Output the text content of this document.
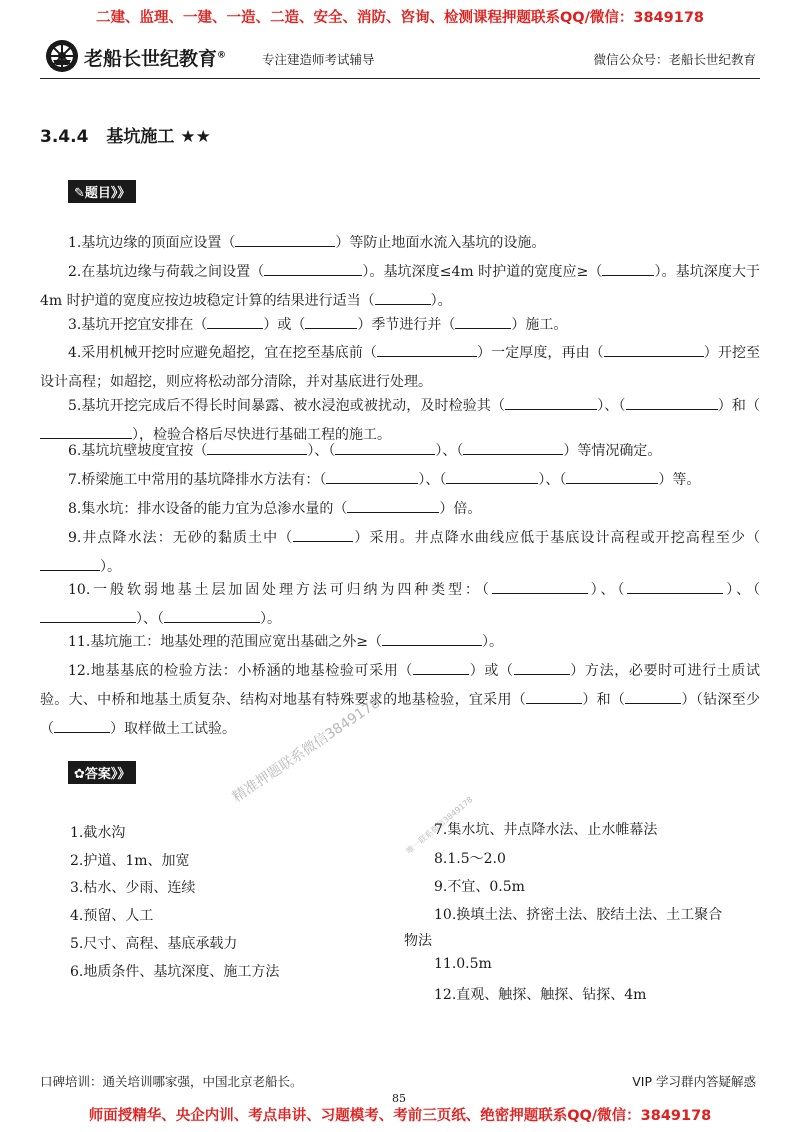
二建、监理、一建、一造、二造、安全、消防、咨询、检测课程押题联系QQ/微信：3849178
老船长世纪教育®	专注建造师考试辅导	微信公众号：老船长世纪教育
3.4.4 基坑施工 ★★
✎题目》》
1.基坑边缘的顶面应设置（	）等防止地面水流入基坑的设施。
2.在基坑边缘与荷载之间设置（	）。基坑深度≤4m 时护道的宽度应≥（	）。基坑深度大于 4m 时护道的宽度应按边坡稳定计算的结果进行适当（	）。
3.基坑开挖宜安排在（	）或（	）季节进行并（	）施工。
4.采用机械开挖时应避免超挖，宜在挖至基底前（	）一定厚度，再由（	）开挖至设计高程；如超挖，则应将松动部分清除，并对基底进行处理。
5.基坑开挖完成后不得长时间暴露、被水浸泡或被扰动，及时检验其（	）、（	）和（），检验合格后尽快进行基础工程的施工。
6.基坑坑壁坡度宜按（	）、（	）、（	）等情况确定。
7.桥梁施工中常用的基坑降排水方法有：（	）、（	）、（	）等。
8.集水坑：排水设备的能力宜为总渗水量的（	）倍。
9.井点降水法：无砂的黏质土中（	）采用。井点降水曲线应低于基底设计高程或开挖高程至少（）。
10.一般软弱地基土层加固处理方法可归纳为四种类型：（	）、（	）、（）、（	）。
11.基坑施工：地基处理的范围应宽出基础之外≥（	）。
12.地基基底的检验方法：小桥涵的地基检验可采用（	）或（	）方法，必要时可进行土质试验。大、中桥和地基土质复杂、结构对地基有特殊要求的地基检验，宜采用（	）和（	）（钻深至少（	）取样做土工试验。
✿答案》》	精准押题联系微信3849178
唯一联系微信3849178
1.截水沟
2.护道、1m、加宽
3.枯水、少雨、连续
4.预留、人工
5.尺寸、高程、基底承载力
6.地质条件、基坑深度、施工方法
7.集水坑、井点降水法、止水帷幕法
8.1.5～2.0
9.不宜、0.5m
10.换填土法、挤密土法、胶结土法、土工聚合物法
11.0.5m
12.直观、触探、触探、钻探、4m
口碑培训：通关培训哪家强，中国北京老船长。	VIP 学习群内答疑解惑
85
师面授精华、央企内训、考点串讲、习题模考、考前三页纸、绝密押题联系QQ/微信：3849178
